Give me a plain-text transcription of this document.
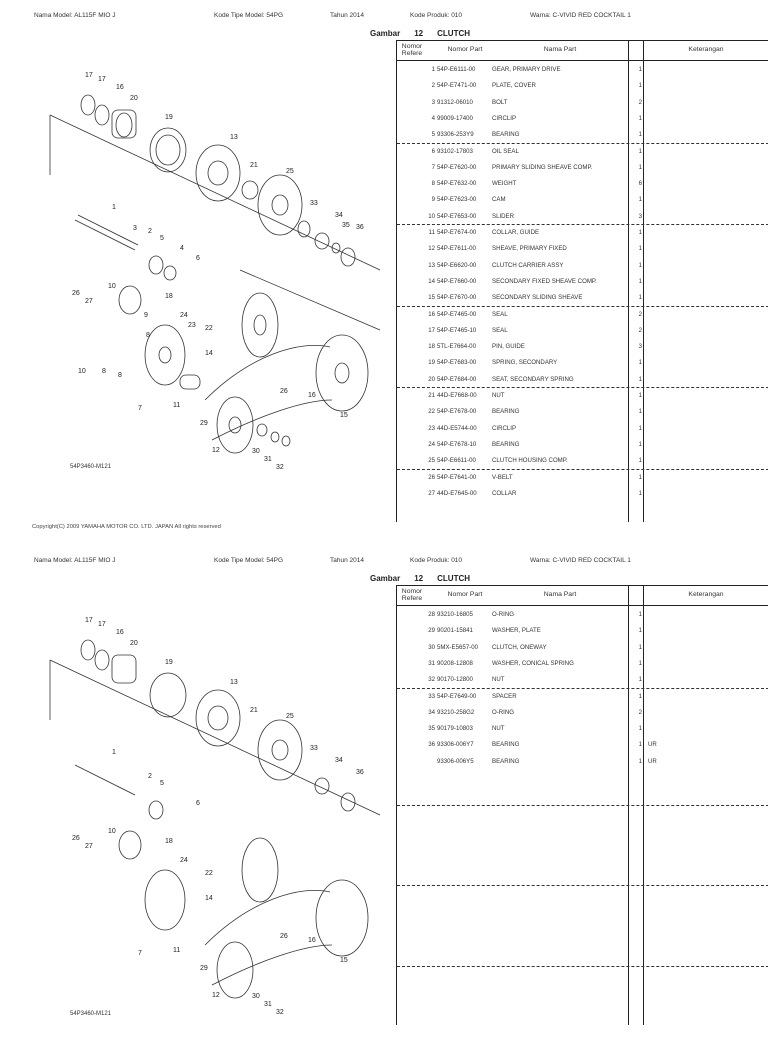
Nama Model: AL115F MIO J	Kode Tipe Model: 54PG	Tahun 2014	Kode Produk: 010	Warna: C-VIVID RED COCKTAIL 1
Gambar 12 CLUTCH
17
17
16
20
19
13
21
25
33
34
35 36
1
3 2
5
4
6
26
27
10
9
8
10 8
8
18
24
23 22
14
7	11
26
16
15
29
12	30
31
32
54P3460-M121
Nomor Refere
Nomor Part	Nama Part	Keterangan
1 54P-E6111-00	GEAR, PRIMARY DRIVE	1
2 54P-E7471-00	PLATE, COVER	1
3 91312-06010	BOLT	2
4 99009-17400	CIRCLIP	1
5 93306-253Y9	BEARING	1
6 93102-17803	OIL SEAL	1
7 54P-E7620-00	PRIMARY SLIDING SHEAVE COMP.	1
8 54P-E7632-00	WEIGHT	6
9 54P-E7623-00	CAM	1
10 54P-E7653-00	SLIDER	3
11 54P-E7674-00	COLLAR, GUIDE	1
12 54P-E7611-00	SHEAVE, PRIMARY FIXED	1
13 54P-E6620-00	CLUTCH CARRIER ASSY	1
14 54P-E7660-00	SECONDARY FIXED SHEAVE COMP.	1
15 54P-E7670-00	SECONDARY SLIDING SHEAVE	1
16 54P-E7465-00	SEAL	2
17 54P-E7465-10	SEAL	2
18 5TL-E7664-00	PIN, GUIDE	3
19 54P-E7683-00	SPRING, SECONDARY	1
20 54P-E7684-00	SEAT, SECONDARY SPRING	1
21 44D-E7668-00	NUT	1
22 54P-E7678-00	BEARING	1
23 44D-E5744-00	CIRCLIP	1
24 54P-E7678-10	BEARING	1
25 54P-E6611-00	CLUTCH HOUSING COMP.	1
26 54P-E7641-00	V-BELT	1
27 44D-E7645-00	COLLAR	1
Copyright(C) 2009 YAMAHA MOTOR CO. LTD. JAPAN All rights reserved
Nama Model: AL115F MIO J	Kode Tipe Model: 54PG	Tahun 2014	Kode Produk: 010	Warna: C-VIVID RED COCKTAIL 1
Gambar 12 CLUTCH
17
17
16
20
19
13
21
25
33
34
36
1
2
5
6
26
27
10
18
24
22
14
7	11
26
16
15
29
12	30
31
32
54P3460-M121
Nomor Refere
Nomor Part	Nama Part	Keterangan
28 93210-16805	O-RING	1
29 90201-15841	WASHER, PLATE	1
30 5MX-E5657-00 CLUTCH, ONEWAY	1
31 90208-12808	WASHER, CONICAL SPRING	1
32 90170-12800	NUT	1
33 54P-E7649-00	SPACER	1
34 93210-258G2	O-RING	2
35 90179-10803	NUT	1
36 93306-006Y7	BEARING	1 UR
93306-006Y5	BEARING	1 UR
